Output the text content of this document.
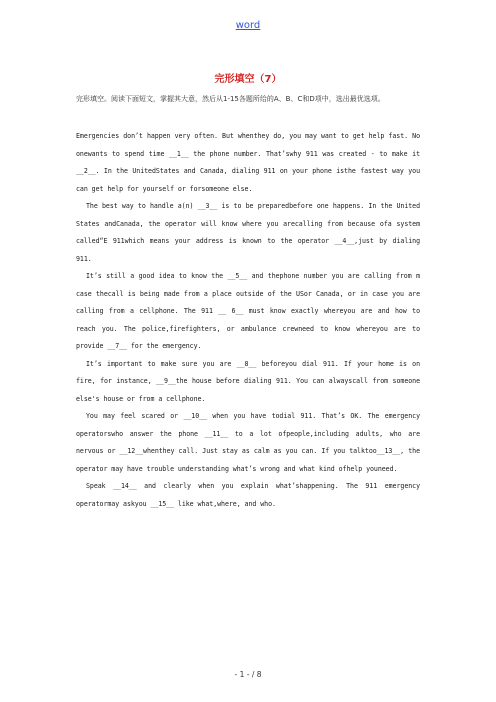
word
完形填空（7）
完形填空。阅读下面短文，掌握其大意，然后从1-15各题所给的A、B、C和D项中，选出最优选项。

Emergencies don’t happen very often. But whenthey do, you may want to get help fast. No onewants to spend time __1__ the phone number. That’swhy 911 was created - to make it __2__. In the UnitedStates and Canada, dialing 911 on your phone isthe fastest way you can get help for yourself or forsomeone else.

The best way to handle a(n) __3__ is to be preparedbefore one happens. In the United States andCanada, the operator will know where you arecalling from because ofa system called“E 911which means your address is known to the operator __4__,just by dialing 911.

It’s still a good idea to know the __5__ and thephone number you are calling from m case thecall is being made from a place outside of the USor Canada, or in case you are calling from a cellphone. The 911 __ 6__ must know exactly whereyou are and how to reach you. The police,firefighters, or ambulance crewneed to know whereyou are to provide __7__ for the emergency.

It’s important to make sure you are __8__ beforeyou dial 911. If your home is on fire, for instance, __9__the house before dialing 911. You can alwayscall from someone else's house or from a cellphone.

You may feel scared or __10__ when you have todial 911. That’s OK. The emergency operatorswho answer the phone __11__ to a lot ofpeople,including adults, who are nervous or __12__whenthey call. Just stay as calm as you can. If you talktoo__13__, the operator may have trouble understanding what’s wrong and what kind ofhelp youneed.

Speak __14__ and clearly when you explain what’shappening. The 911 emergency operatormay askyou __15__ like what,where, and who.

- 1 - / 8
